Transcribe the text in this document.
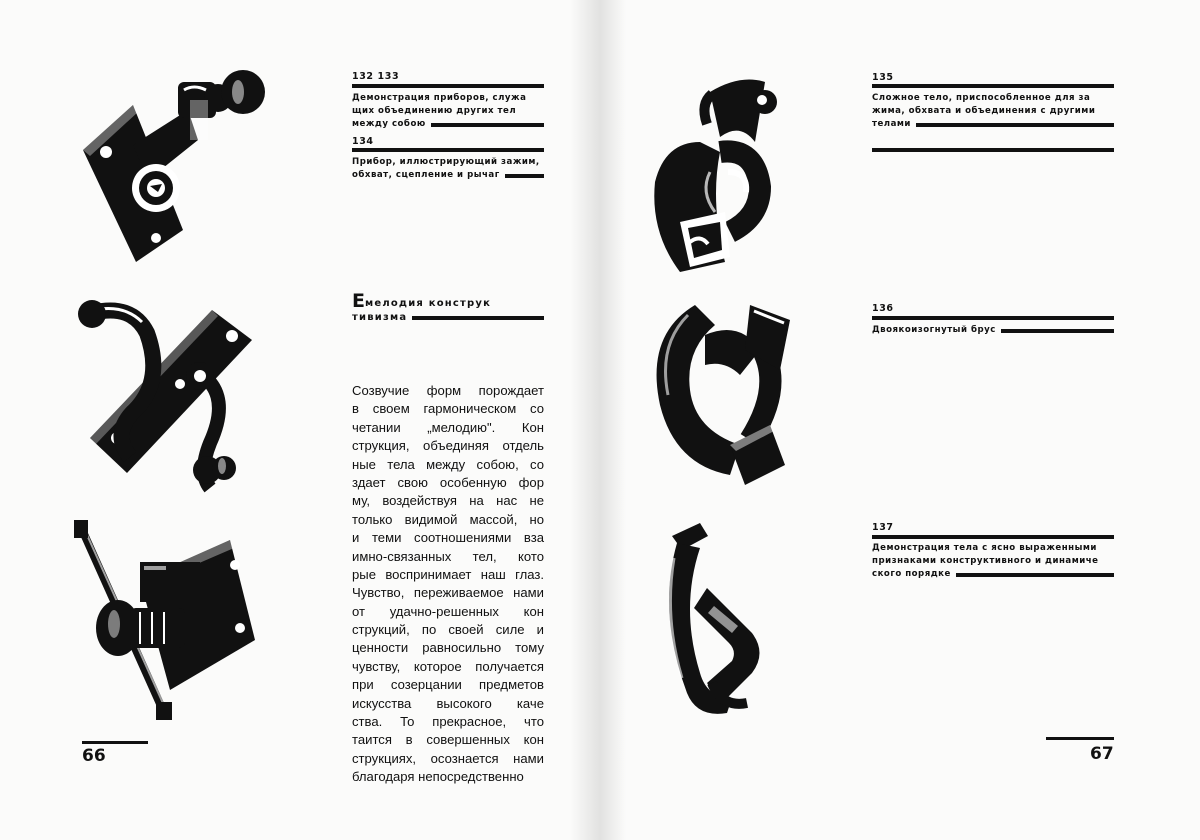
132 133
Демонстрация приборов, служа
щих объединению других тел
между собою
134
Прибор, иллюстрирующий зажим,
обхват, сцепление и рычаг
Емелодия конструк
тивизма
Созвучие форм порождает
в своем гармоническом со
четании „мелодию". Кон
струкция, объединяя отдель
ные тела между собою, со
здает свою особенную фор
му, воздействуя на нас не
только видимой массой, но
и теми соотношениями вза
имно-связанных тел, кото
рые воспринимает наш глаз.
Чувство, переживаемое нами
от удачно-решенных кон
струкций, по своей силе и
ценности равносильно тому
чувству, которое получается
при созерцании предметов
искусства высокого каче
ства. То прекрасное, что
таится в совершенных кон
струкциях, осознается нами
благодаря непосредственно
66
135
Сложное тело, приспособленное для за
жима, обхвата и объединения с другими
телами
136
Двоякоизогнутый брус
137
Демонстрация тела с ясно выраженными
признаками конструктивного и динамиче
ского порядке
67
